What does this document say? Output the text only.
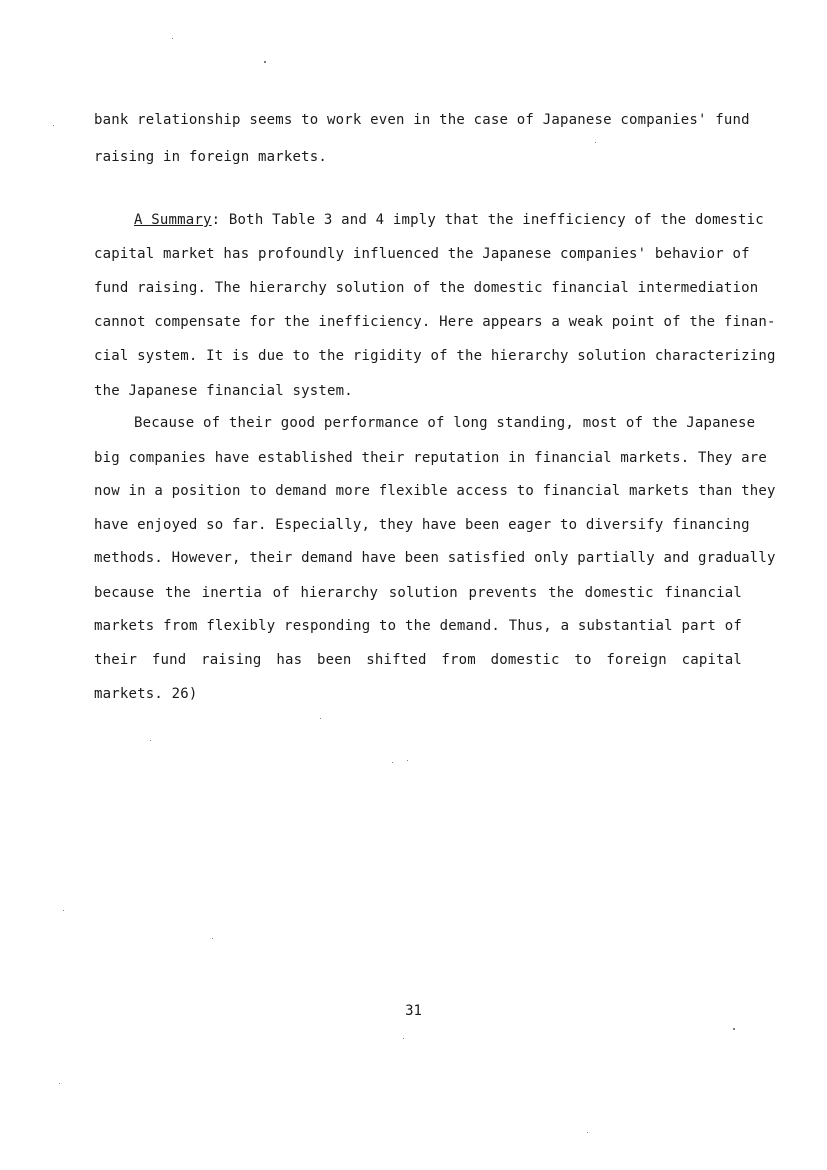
bank relationship seems to work even in the case of Japanese companies' fund
raising in foreign markets.
A Summary: Both Table 3 and 4 imply that the inefficiency of the domestic
capital market has profoundly influenced the Japanese companies' behavior of
fund raising. The hierarchy solution of the domestic financial intermediation
cannot compensate for the inefficiency. Here appears a weak point of the finan-
cial system. It is due to the rigidity of the hierarchy solution characterizing
the Japanese financial system.
Because of their good performance of long standing, most of the Japanese
big companies have established their reputation in financial markets. They are
now in a position to demand more flexible access to financial markets than they
have enjoyed so far. Especially, they have been eager to diversify financing
methods. However, their demand have been satisfied only partially and gradually
because the inertia of hierarchy solution prevents the domestic financial
markets from flexibly responding to the demand. Thus, a substantial part of
their fund raising has been shifted from domestic to foreign capital
markets. 26)
31
